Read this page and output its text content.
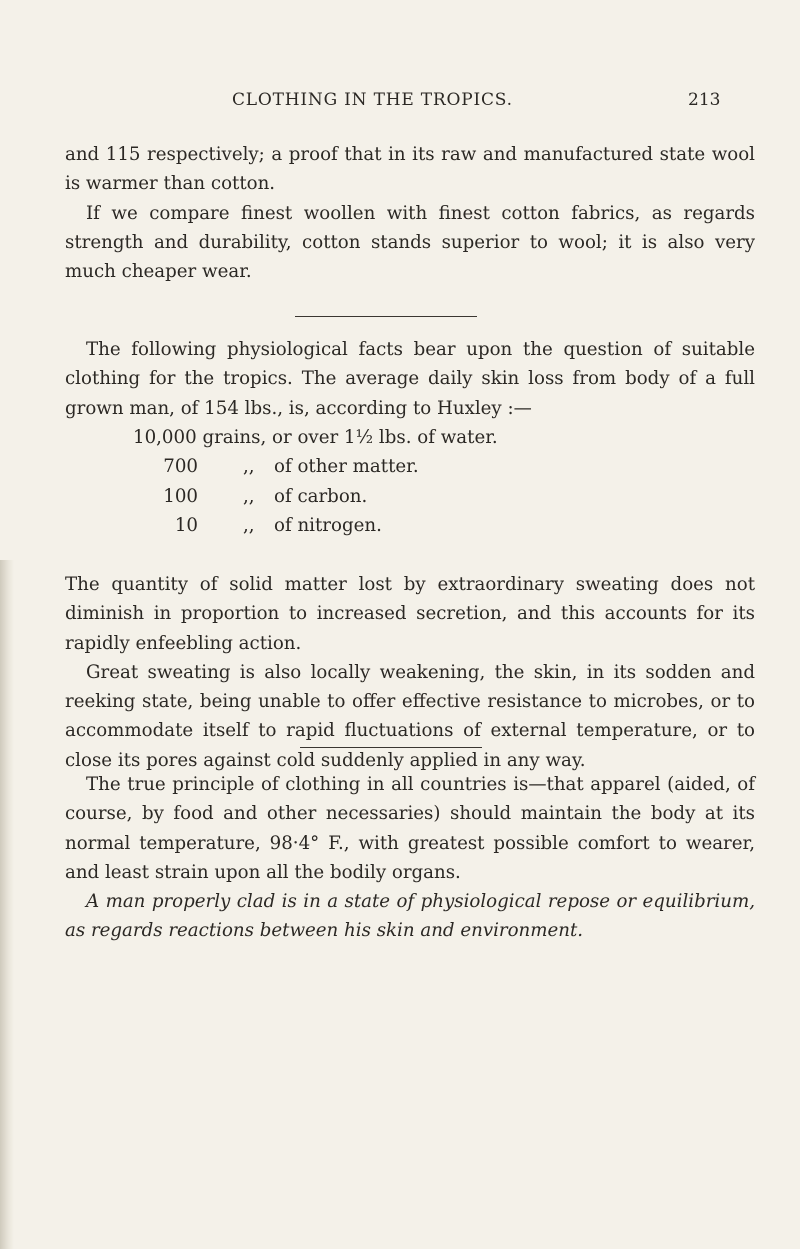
CLOTHING IN THE TROPICS.	213

and 115 respectively; a proof that in its raw and manufactured state wool is warmer than cotton.

If we compare finest woollen with finest cotton fabrics, as regards strength and durability, cotton stands superior to wool; it is also very much cheaper wear.

The following physiological facts bear upon the question of suitable clothing for the tropics. The average daily skin loss from body of a full grown man, of 154 lbs., is, according to Huxley :—

10,000 grains, or over 1½ lbs. of water.
700 ,, of other matter.
100 ,, of carbon.
10 ,, of nitrogen.

The quantity of solid matter lost by extraordinary sweating does not diminish in proportion to increased secretion, and this accounts for its rapidly enfeebling action.

Great sweating is also locally weakening, the skin, in its sodden and reeking state, being unable to offer effective resistance to microbes, or to accommodate itself to rapid fluctuations of external temperature, or to close its pores against cold suddenly applied in any way.

The true principle of clothing in all countries is—that apparel (aided, of course, by food and other necessaries) should maintain the body at its normal temperature, 98·4° F., with greatest possible comfort to wearer, and least strain upon all the bodily organs.

A man properly clad is in a state of physiological repose or equilibrium, as regards reactions between his skin and environment.
